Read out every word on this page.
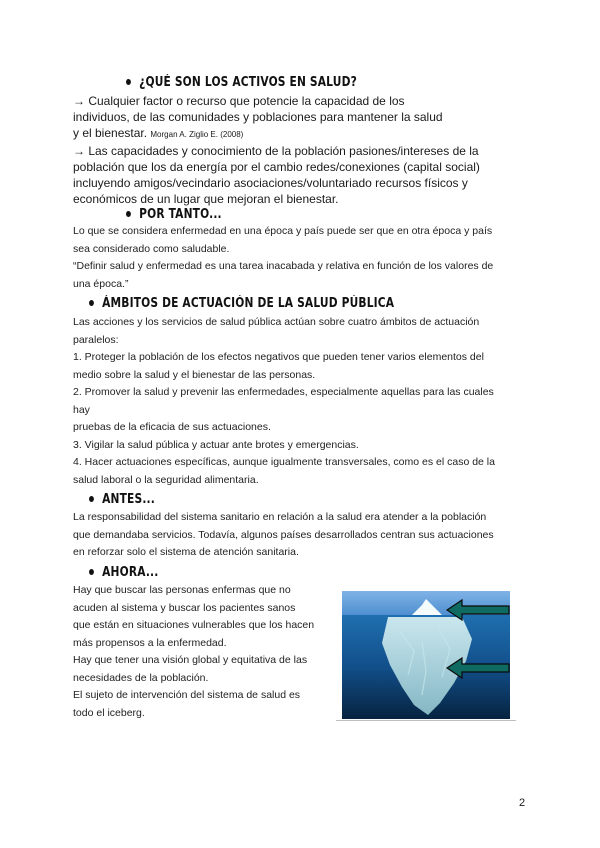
¿QUÉ SON LOS ACTIVOS EN SALUD?
→ Cualquier factor o recurso que potencie la capacidad de los
individuos, de las comunidades y poblaciones para mantener la salud
y el bienestar. Morgan A. Ziglio E. (2008)
→ Las capacidades y conocimiento de la población pasiones/intereses de la
población que los da energía por el cambio redes/conexiones (capital social)
incluyendo amigos/vecindario asociaciones/voluntariado recursos físicos y
económicos de un lugar que mejoran el bienestar.
POR TANTO...
Lo que se considera enfermedad en una época y país puede ser que en otra época y país
sea considerado como saludable.
“Definir salud y enfermedad es una tarea inacabada y relativa en función de los valores de
una época.”
ÁMBITOS DE ACTUACIÓN DE LA SALUD PÚBLICA
Las acciones y los servicios de salud pública actúan sobre cuatro ámbitos de actuación
paralelos:
1. Proteger la población de los efectos negativos que pueden tener varios elementos del
medio sobre la salud y el bienestar de las personas.
2. Promover la salud y prevenir las enfermedades, especialmente aquellas para las cuales
hay
pruebas de la eficacia de sus actuaciones.
3. Vigilar la salud pública y actuar ante brotes y emergencias.
4. Hacer actuaciones específicas, aunque igualmente transversales, como es el caso de la
salud laboral o la seguridad alimentaria.
ANTES...
La responsabilidad del sistema sanitario en relación a la salud era atender a la población
que demandaba servicios. Todavía, algunos países desarrollados centran sus actuaciones
en reforzar solo el sistema de atención sanitaria.
AHORA...
Hay que buscar las personas enfermas que no
acuden al sistema y buscar los pacientes sanos
que están en situaciones vulnerables que los hacen
más propensos a la enfermedad.
Hay que tener una visión global y equitativa de las
necesidades de la población.
El sujeto de intervención del sistema de salud es
todo el iceberg.
2
